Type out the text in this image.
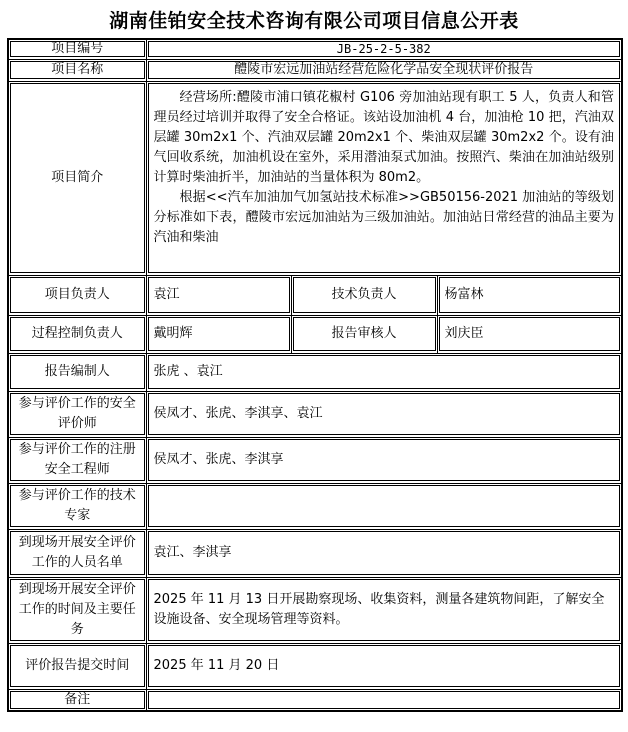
湖南佳铂安全技术咨询有限公司项目信息公开表
项目编号	JB-25-2-5-382		

项目名称	醴陵市宏远加油站经营危险化学品安全现状评价报告		

项目简介	经营场所:醴陵市浦口镇花椒村 G106 旁加油站现有职工 5 人，负责人和管理员经过培训并取得了安全合格证。该站设加油机 4 台，加油枪 10 把，汽油双层罐 30m2x1 个、汽油双层罐 20m2x1 个、柴油双层罐 30m2x2 个。设有油气回收系统，加油机设在室外，采用潜油泵式加油。按照汽、柴油在加油站级别计算时柴油折半，加油站的当量体积为 80m2。

根据<<汽车加油加气加氢站技术标准>>GB50156-2021 加油站的等级划分标准如下表，醴陵市宏远加油站为三级加油站。加油站日常经营的油品主要为汽油和柴油		

项目负责人	袁江	技术负责人	杨富林

过程控制负责人	戴明辉	报告审核人	刘庆臣

报告编制人	张虎 、袁江		

参与评价工作的安全评价师	侯凤才、张虎、李淇享、袁江		

参与评价工作的注册安全工程师	侯凤才、张虎、李淇享		

参与评价工作的技术专家			

到现场开展安全评价工作的人员名单	袁江、李淇享		

到现场开展安全评价工作的时间及主要任务	2025 年 11 月 13 日开展勘察现场、收集资料，测量各建筑物间距，了解安全设施设备、安全现场管理等资料。		

评价报告提交时间	2025 年 11 月 20 日		

备注			
